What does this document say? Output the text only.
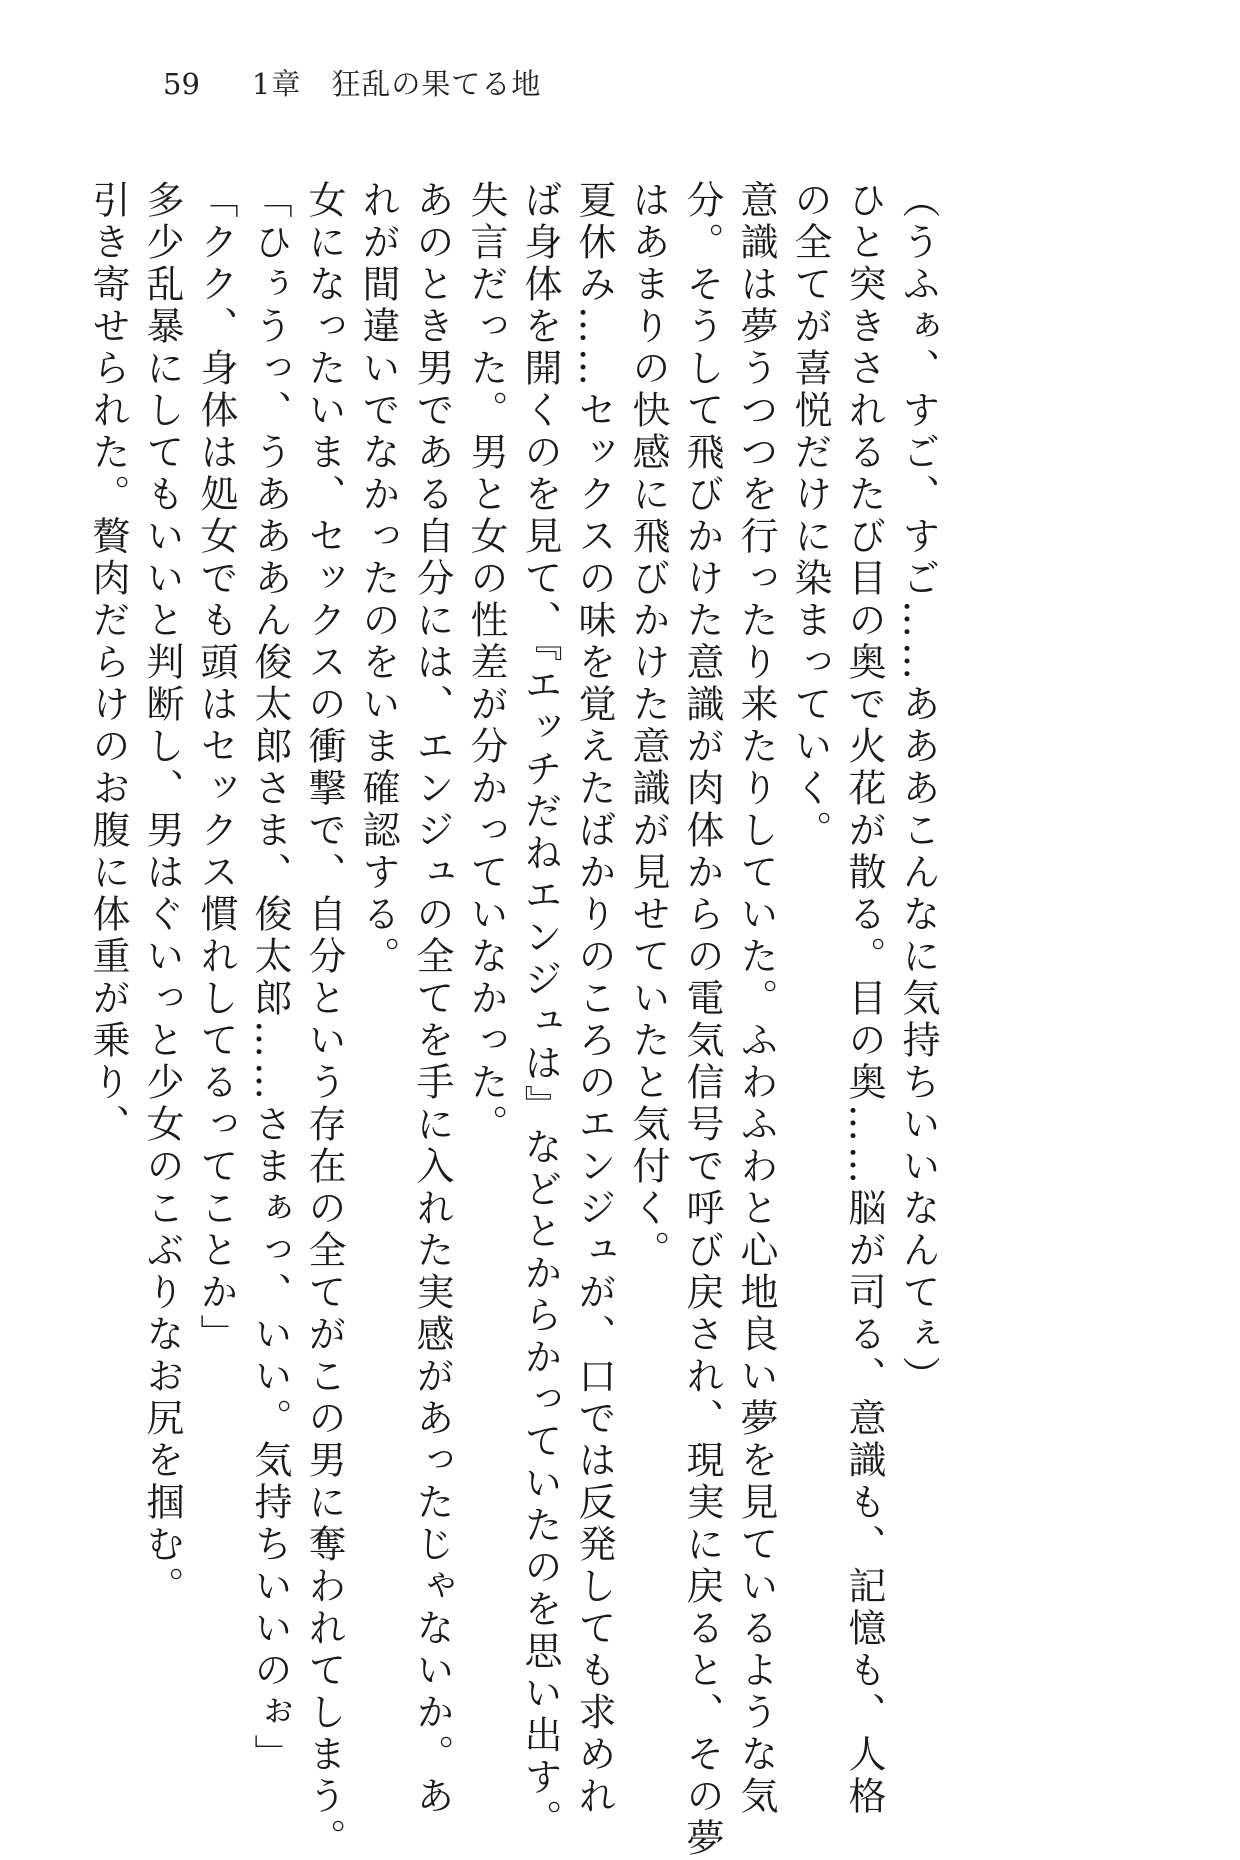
59 1章　狂乱の果てる地
（うふぁ、すご、すご……あああこんなに気持ちいいなんてぇ）
ひと突きされるたび目の奥で火花が散る。目の奥……脳が司る、意識も、記憶も、人格
の全てが喜悦だけに染まっていく。
意識は夢うつつを行ったり来たりしていた。ふわふわと心地良い夢を見ているような気
分。そうして飛びかけた意識が肉体からの電気信号で呼び戻され、現実に戻ると、その夢
はあまりの快感に飛びかけた意識が見せていたと気付く。
夏休み……セックスの味を覚えたばかりのころのエンジュが、口では反発しても求めれ
ば身体を開くのを見て、『エッチだねエンジュは』などとからかっていたのを思い出す。
失言だった。男と女の性差が分かっていなかった。
あのとき男である自分には、エンジュの全てを手に入れた実感があったじゃないか。あ
れが間違いでなかったのをいま確認する。
女になったいま、セックスの衝撃で、自分という存在の全てがこの男に奪われてしまう。
「ひぅうっ、うあああん俊太郎さま、俊太郎……さまぁっ、いい。気持ちいいのぉ」
「クク、身体は処女でも頭はセックス慣れしてるってことか」
多少乱暴にしてもいいと判断し、男はぐいっと少女のこぶりなお尻を掴む。
引き寄せられた。贅肉だらけのお腹に体重が乗り、
